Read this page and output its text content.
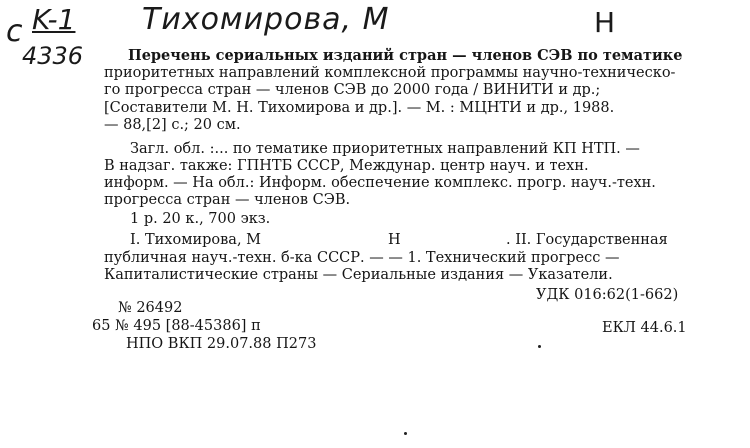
c K-1
4336
Тихомирова, М	Н
Перечень сериальных изданий стран — членов СЭВ по тематике
приоритетных направлений комплексной программы научно-техническо-
го прогресса стран — членов СЭВ до 2000 года / ВИНИТИ и др.;
[Составители М. Н. Тихомирова и др.]. — М. : МЦНТИ и др., 1988.
— 88,[2] с.; 20 см.
Загл. обл. :... по тематике приоритетных направлений КП НТП. —
В надзаг. также: ГПНТБ СССР, Междунар. центр науч. и техн.
информ. — На обл.: Информ. обеспечение комплекс. прогр. науч.-техн.
прогресса стран — членов СЭВ.
1 р. 20 к., 700 экз.
I. Тихомирова, М	Н	. II. Государственная
публичная науч.-техн. б-ка СССР. — — 1. Технический прогресс —
Капиталистические страны — Сериальные издания — Указатели.
УДК 016:62(1-662)
№ 26492
65 № 495 [88-45386] п
НПО ВКП 29.07.88 П273
ЕКЛ 44.6.1
